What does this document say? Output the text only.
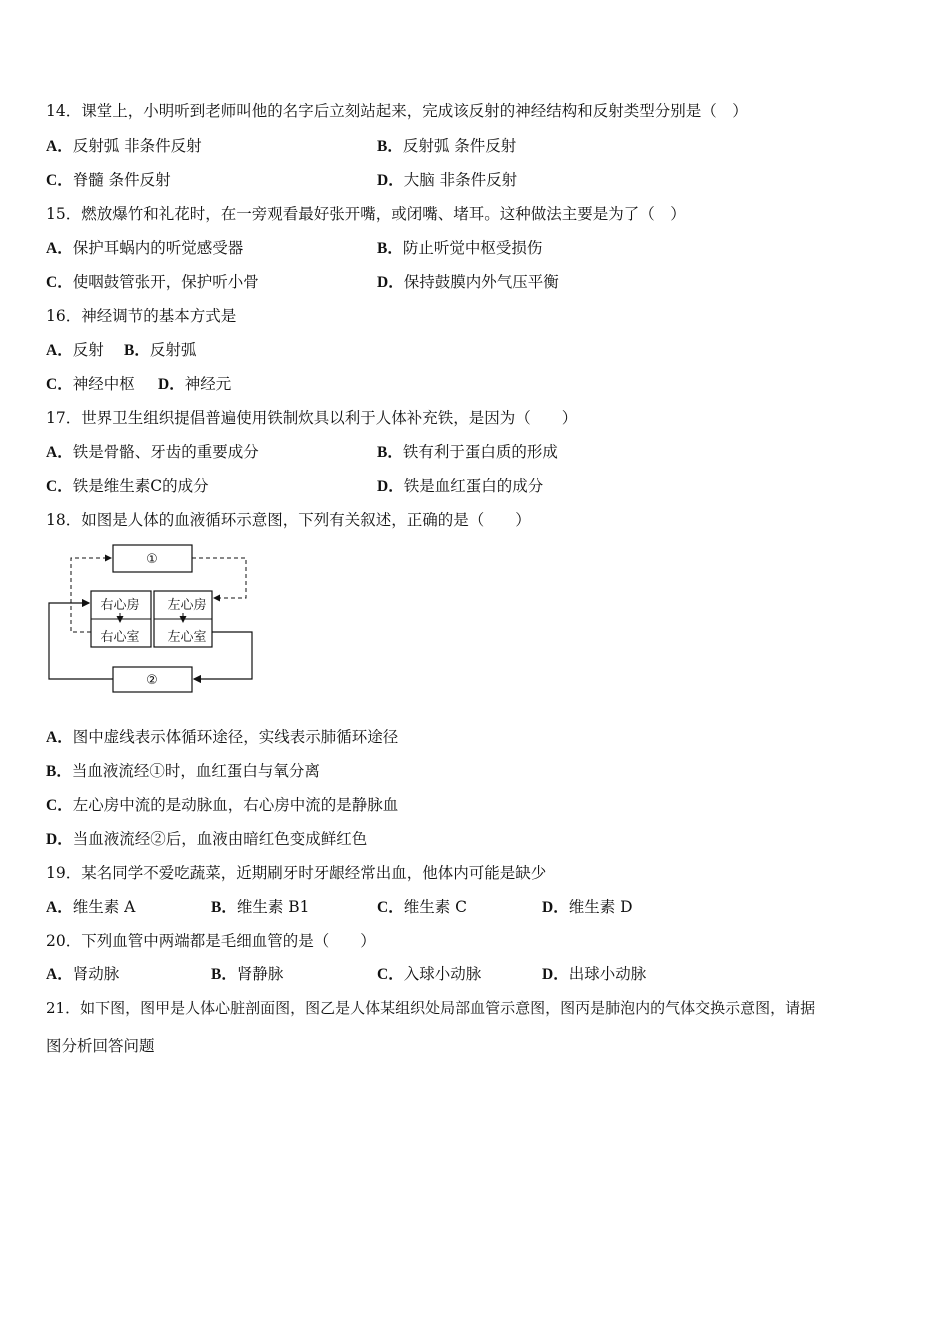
14．课堂上，小明听到老师叫他的名字后立刻站起来，完成该反射的神经结构和反射类型分别是（　）
A．反射弧 非条件反射	B．反射弧 条件反射
C．脊髓 条件反射	D．大脑 非条件反射
15．燃放爆竹和礼花时，在一旁观看最好张开嘴，或闭嘴、堵耳。这种做法主要是为了（　）
A．保护耳蜗内的听觉感受器	B．防止听觉中枢受损伤
C．使咽鼓管张开，保护听小骨	D．保持鼓膜内外气压平衡
16．神经调节的基本方式是
A．反射 B．反射弧
C．神经中枢 D．神经元
17．世界卫生组织提倡普遍使用铁制炊具以利于人体补充铁，是因为（　　）
A．铁是骨骼、牙齿的重要成分	B．铁有利于蛋白质的形成
C．铁是维生素C的成分	D．铁是血红蛋白的成分
18．如图是人体的血液循环示意图，下列有关叙述，正确的是（　　）
①
右心房
右心室
左心房
左心室
②
A．图中虚线表示体循环途径，实线表示肺循环途径
B．当血液流经①时，血红蛋白与氧分离
C．左心房中流的是动脉血，右心房中流的是静脉血
D．当血液流经②后，血液由暗红色变成鲜红色
19．某名同学不爱吃蔬菜，近期刷牙时牙龈经常出血，他体内可能是缺少
A．维生素 A	B．维生素 B1	C．维生素 C	D．维生素 D
20．下列血管中两端都是毛细血管的是（　　）
A．肾动脉	B．肾静脉	C．入球小动脉	D．出球小动脉
21．如下图，图甲是人体心脏剖面图，图乙是人体某组织处局部血管示意图，图丙是肺泡内的气体交换示意图，请据
图分析回答问题
